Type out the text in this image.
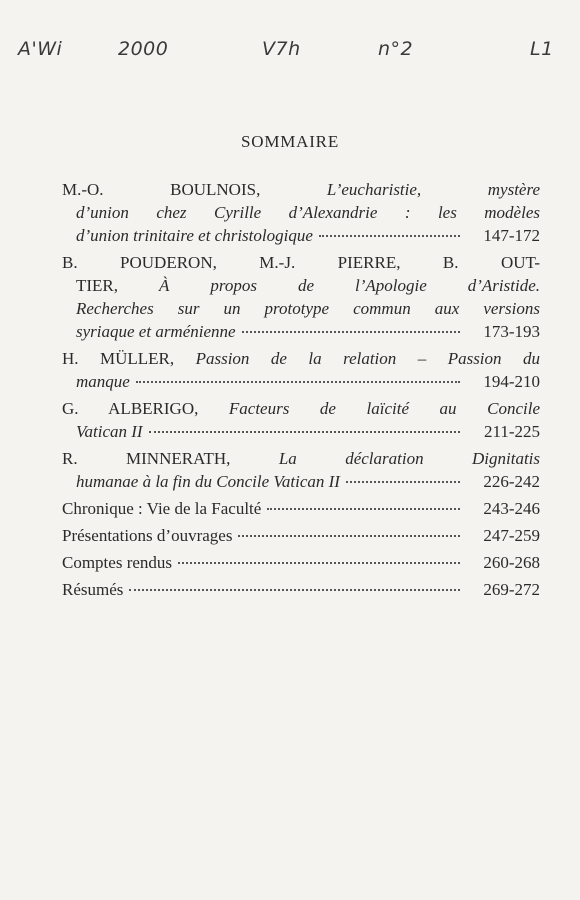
A'Wi	2000	V7h	n°2	L1
SOMMAIRE
M.-O. BOULNOIS,	L’eucharistie, mystère
d’union chez Cyrille d’Alexandrie : les modèles
d’union trinitaire et christologique	147-172
B. POUDERON, M.-J. PIERRE, B. OUT-
TIER, À propos de l’Apologie d’Aristide.
Recherches sur un prototype commun aux versions
syriaque et arménienne	173-193
H. MÜLLER, Passion de la relation – Passion du
manque	194-210
G. ALBERIGO, Facteurs de laïcité au Concile
Vatican II	211-225
R. MINNERATH,	La déclaration Dignitatis
humanae à la fin du Concile Vatican II	226-242
Chronique : Vie de la Faculté	243-246
Présentations d’ouvrages	247-259
Comptes rendus	260-268
Résumés	269-272
